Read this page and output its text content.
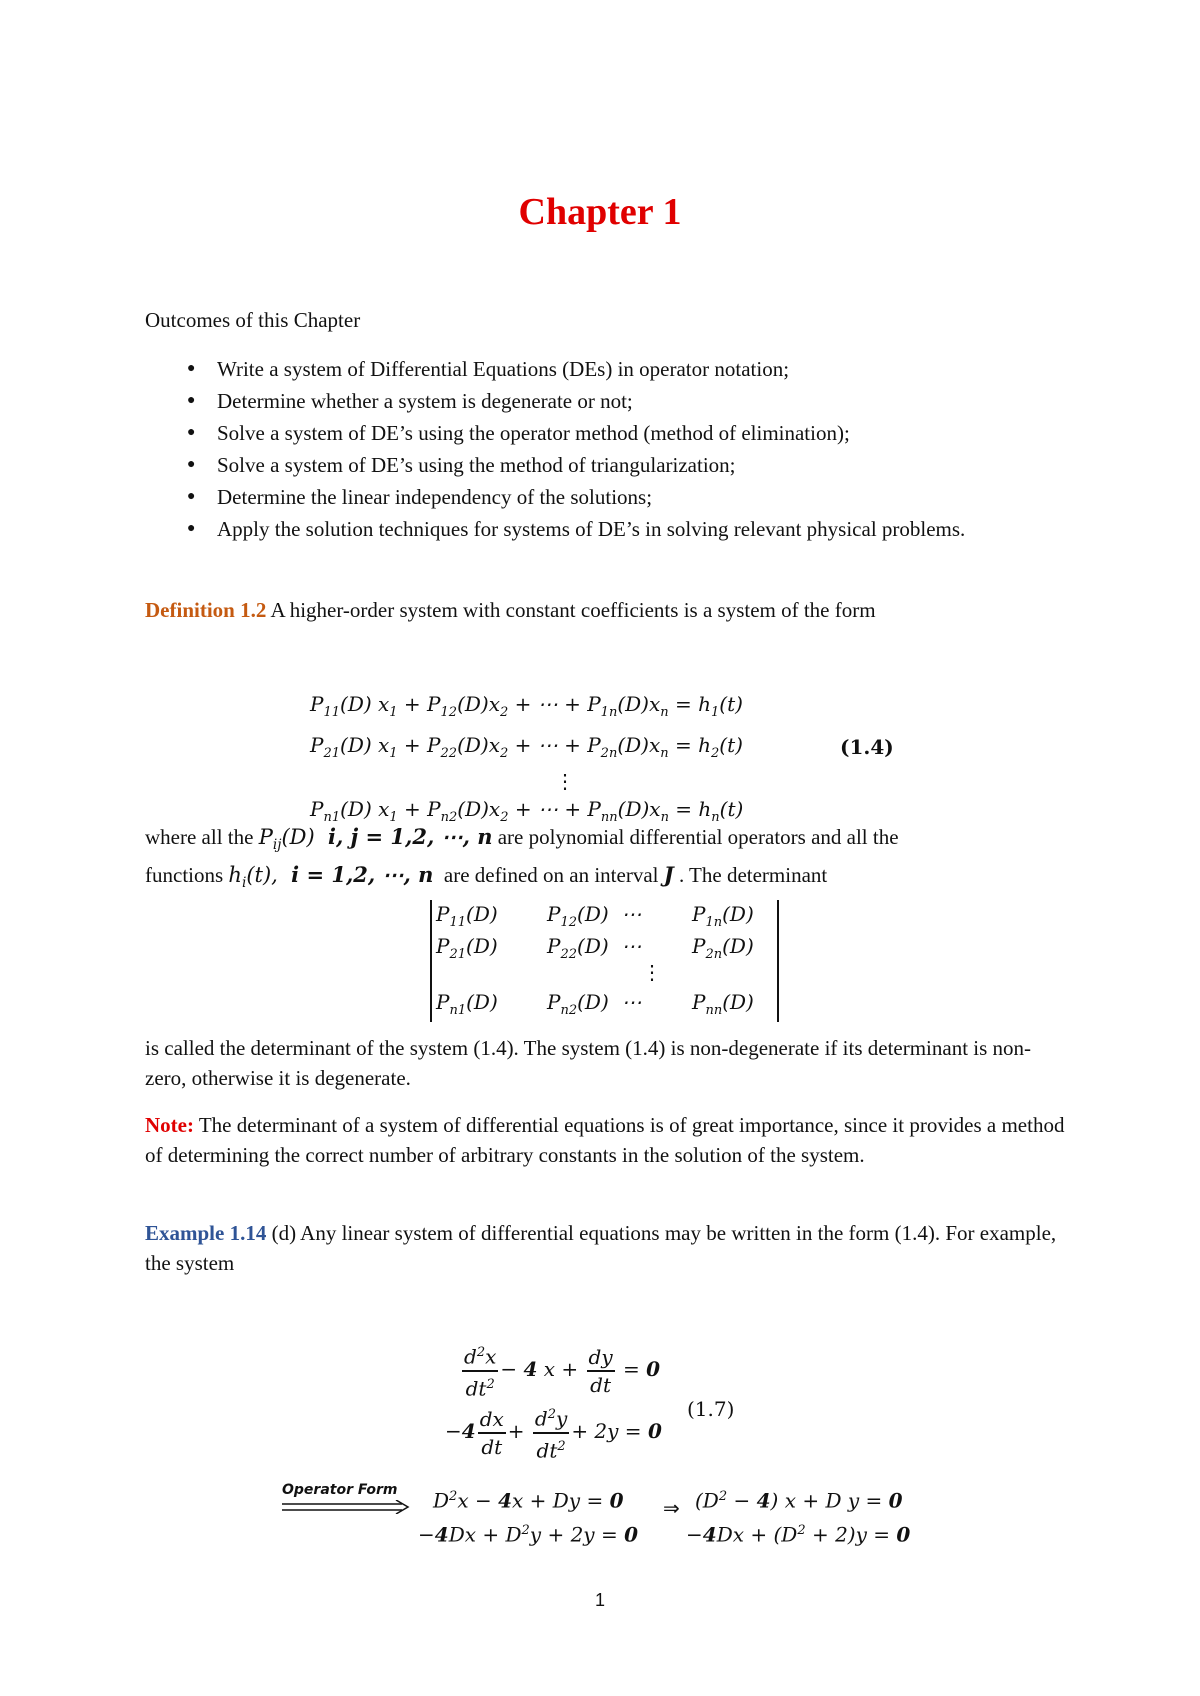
Chapter 1
Outcomes of this Chapter
● Write a system of Differential Equations (DEs) in operator notation;
● Determine whether a system is degenerate or not;
● Solve a system of DE’s using the operator method (method of elimination);
● Solve a system of DE’s using the method of triangularization;
● Determine the linear independency of the solutions;
● Apply the solution techniques for systems of DE’s in solving relevant physical problems.
Definition 1.2 A higher-order system with constant coefficients is a system of the form
$P_{11}(D) x_1 + P_{12}(D)x_2$ + ⋯ + $P_{1n}(D)x_n = h_1(t)$
$P_{21}(D) x_1 + P_{22}(D)x_2$ + ⋯ + $P_{2n}(D)x_n = h_2(t)$
⋮
$P_{n1}(D) x_1 + P_{n2}(D)x_2$ + ⋯ + $P_{nn}(D)x_n = h_n(t)$
(1.4)
where all the $P_{ij}(D)$  i, j = 1,2, ⋯, n are polynomial differential operators and all the
functions $h_i(t)$,  i = 1,2, ⋯, n are defined on an interval J . The determinant
$P_{11}(D)$ $P_{12}(D)$  ⋯	$P_{1n}(D)$
$P_{21}(D)$ $P_{22}(D)$  ⋯	$P_{2n}(D)$
⋮
$P_{n1}(D)$ $P_{n2}(D)$  ⋯	$P_{nn}(D)$
is called the determinant of the system (1.4). The system (1.4) is non-degenerate if its determinant is non-zero, otherwise it is degenerate.
Note: The determinant of a system of differential equations is of great importance, since it provides a method of determining the correct number of arbitrary constants in the solution of the system.
Example 1.14 (d) Any linear system of differential equations may be written in the form (1.4). For example, the system
$\frac{d^2x}{dt^2} - 4$ $x + \frac{dy}{dt} = 0$
$-4 \frac{dx}{dt} + \frac{d^2y}{dt^2} + 2y = 0$
(1.7)
Operator Form	$D^2x - 4x + Dy = 0$
$-4Dx + D^2y + 2y = 0$
⇒ $(D^2 - 4) x + D$ y = 0
$-4Dx + (D^2 + 2)y = 0$
1
